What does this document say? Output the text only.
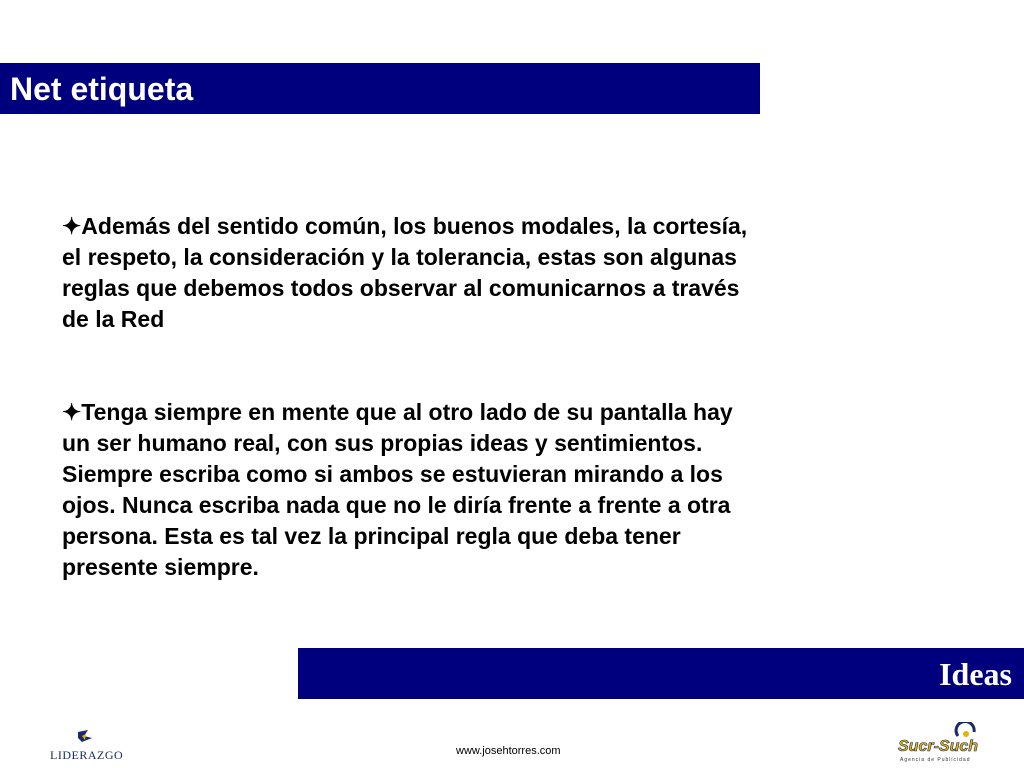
Net etiqueta

✦Además del sentido común, los buenos modales, la cortesía, el respeto, la consideración y la tolerancia, estas son algunas reglas que debemos todos observar al comunicarnos a través de la Red

✦Tenga siempre en mente que al otro lado de su pantalla hay un ser humano real, con sus propias ideas y sentimientos. Siempre escriba como si ambos se estuvieran mirando a los ojos. Nunca escriba nada que no le diría frente a frente a otra persona. Esta es tal vez la principal regla que deba tener presente siempre.

Ideas
LIDERAZGO	www.josehtorres.com	Sucr-Such
Agencia de Publicidad
